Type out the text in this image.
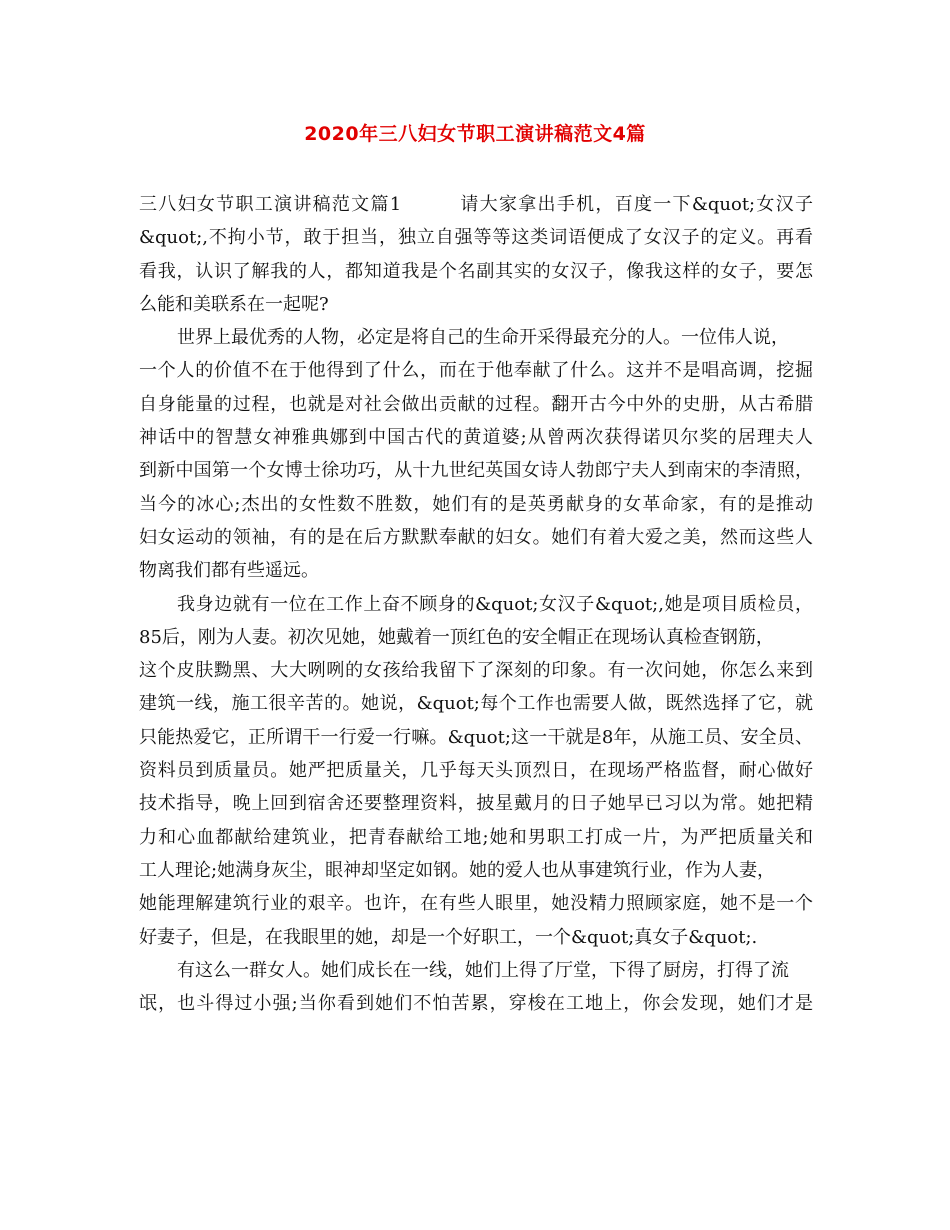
2020年三八妇女节职工演讲稿范文4篇
三八妇女节职工演讲稿范文篇1　　　请大家拿出手机，百度一下&quot;女汉子
&quot;,不拘小节，敢于担当，独立自强等等这类词语便成了女汉子的定义。再看
看我，认识了解我的人，都知道我是个名副其实的女汉子，像我这样的女子，要怎
么能和美联系在一起呢?
世界上最优秀的人物，必定是将自己的生命开采得最充分的人。一位伟人说，
一个人的价值不在于他得到了什么，而在于他奉献了什么。这并不是唱高调，挖掘
自身能量的过程，也就是对社会做出贡献的过程。翻开古今中外的史册，从古希腊
神话中的智慧女神雅典娜到中国古代的黄道婆;从曾两次获得诺贝尔奖的居理夫人
到新中国第一个女博士徐功巧，从十九世纪英国女诗人勃郎宁夫人到南宋的李清照，
当今的冰心;杰出的女性数不胜数，她们有的是英勇献身的女革命家，有的是推动
妇女运动的领袖，有的是在后方默默奉献的妇女。她们有着大爱之美，然而这些人
物离我们都有些遥远。
我身边就有一位在工作上奋不顾身的&quot;女汉子&quot;,她是项目质检员，
85后，刚为人妻。初次见她，她戴着一顶红色的安全帽正在现场认真检查钢筋，
这个皮肤黝黑、大大咧咧的女孩给我留下了深刻的印象。有一次问她，你怎么来到
建筑一线，施工很辛苦的。她说，&quot;每个工作也需要人做，既然选择了它，就
只能热爱它，正所谓干一行爱一行嘛。&quot;这一干就是8年，从施工员、安全员、
资料员到质量员。她严把质量关，几乎每天头顶烈日，在现场严格监督，耐心做好
技术指导，晚上回到宿舍还要整理资料，披星戴月的日子她早已习以为常。她把精
力和心血都献给建筑业，把青春献给工地;她和男职工打成一片，为严把质量关和
工人理论;她满身灰尘，眼神却坚定如钢。她的爱人也从事建筑行业，作为人妻，
她能理解建筑行业的艰辛。也许，在有些人眼里，她没精力照顾家庭，她不是一个
好妻子，但是，在我眼里的她，却是一个好职工，一个&quot;真女子&quot;.
有这么一群女人。她们成长在一线，她们上得了厅堂，下得了厨房，打得了流
氓，也斗得过小强;当你看到她们不怕苦累，穿梭在工地上，你会发现，她们才是
